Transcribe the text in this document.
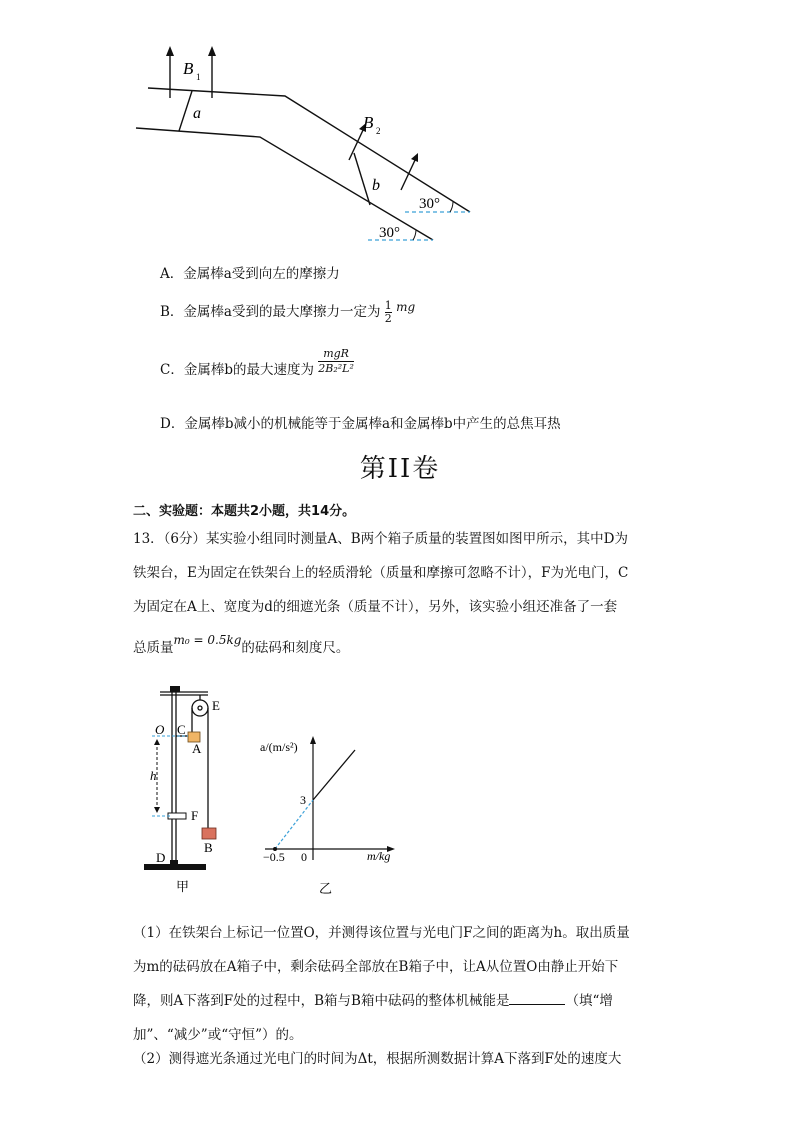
B 1
a	B 2
b
30°
30°
A．金属棒a受到向左的摩擦力
B．金属棒a受到的最大摩擦力一定为 $\frac{1}{2}$ mg
C．金属棒b的最大速度为
mgR
2B₂²L²
D．金属棒b减小的机械能等于金属棒a和金属棒b中产生的总焦耳热
第II卷
二、实验题：本题共2小题，共14分。
13．（6分）某实验小组同时测量A、B两个箱子质量的装置图如图甲所示，其中D为
铁架台，E为固定在铁架台上的轻质滑轮（质量和摩擦可忽略不计），F为光电门，C
为固定在A上、宽度为d的细遮光条（质量不计），另外，该实验小组还准备了一套
总质量m₀ = 0.5kg的砝码和刻度尺。
O C
A
E
h
F
B
D
甲
a/(m/s²)
m/kg
3
−0.5 0
乙
（1）在铁架台上标记一位置O，并测得该位置与光电门F之间的距离为h。取出质量
为m的砝码放在A箱子中，剩余砝码全部放在B箱子中，让A从位置O由静止开始下
降，则A下落到F处的过程中，B箱与B箱中砝码的整体机械能是	（填“增
加”、“减少”或“守恒”）的。
（2）测得遮光条通过光电门的时间为Δt，根据所测数据计算A下落到F处的速度大
